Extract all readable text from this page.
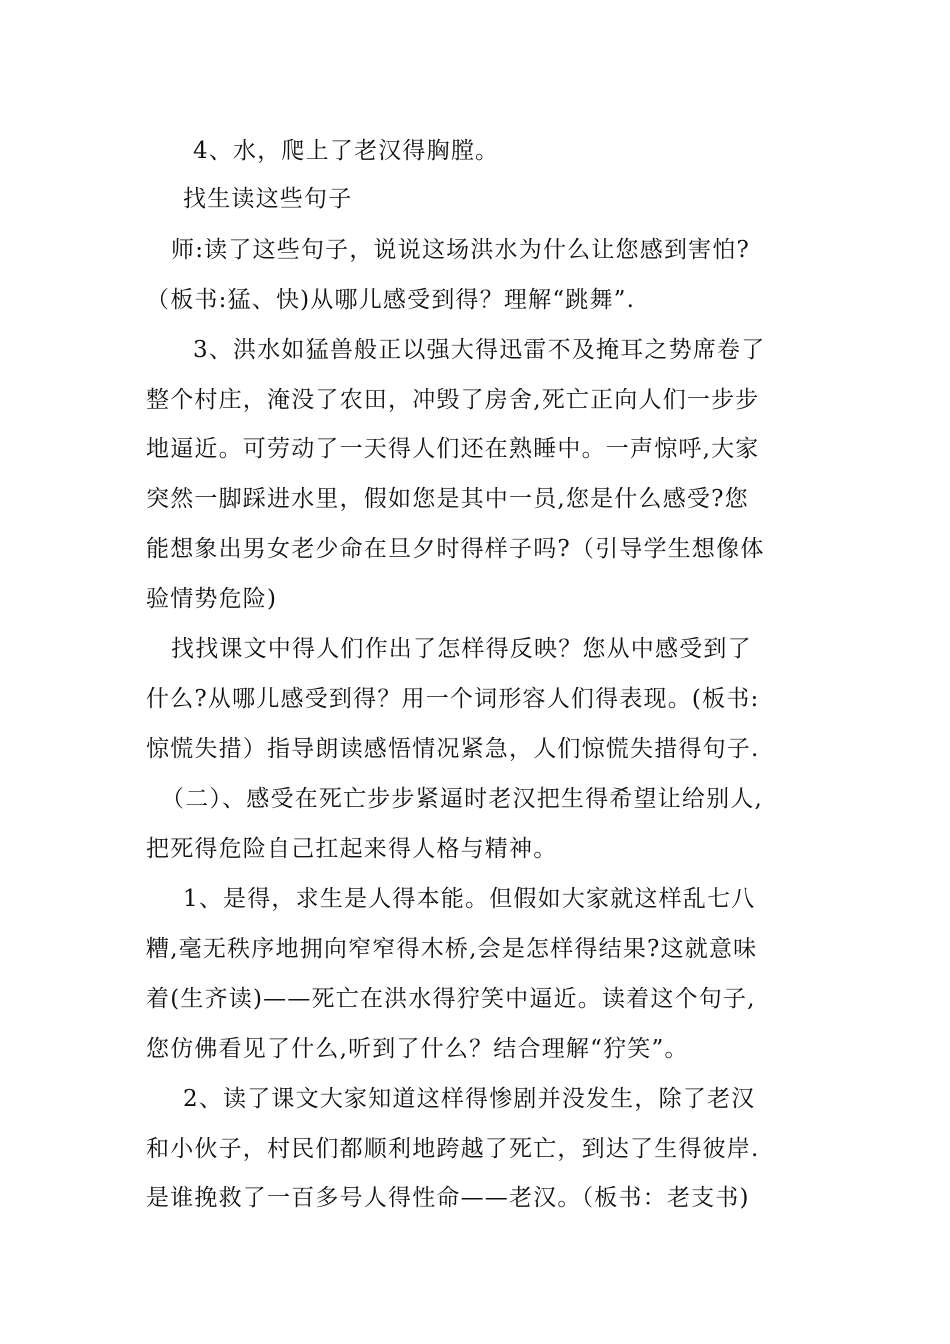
4、水，爬上了老汉得胸膛。
找生读这些句子
师:读了这些句子，说说这场洪水为什么让您感到害怕?
（板书:猛、快)从哪儿感受到得？理解“跳舞”.
3、洪水如猛兽般正以强大得迅雷不及掩耳之势席卷了
整个村庄，淹没了农田，冲毁了房舍,死亡正向人们一步步
地逼近。可劳动了一天得人们还在熟睡中。一声惊呼,大家
突然一脚踩进水里，假如您是其中一员,您是什么感受?您
能想象出男女老少命在旦夕时得样子吗?（引导学生想像体
验情势危险)
找找课文中得人们作出了怎样得反映？您从中感受到了
什么?从哪儿感受到得？用一个词形容人们得表现。(板书:
惊慌失措）指导朗读感悟情况紧急，人们惊慌失措得句子.
（二）、感受在死亡步步紧逼时老汉把生得希望让给别人,
把死得危险自己扛起来得人格与精神。
1、是得，求生是人得本能。但假如大家就这样乱七八
糟,毫无秩序地拥向窄窄得木桥,会是怎样得结果?这就意味
着(生齐读)——死亡在洪水得狞笑中逼近。读着这个句子,
您仿佛看见了什么,听到了什么？结合理解“狞笑”。
2、读了课文大家知道这样得惨剧并没发生，除了老汉
和小伙子，村民们都顺利地跨越了死亡，到达了生得彼岸.
是谁挽救了一百多号人得性命——老汉。（板书：老支书)
